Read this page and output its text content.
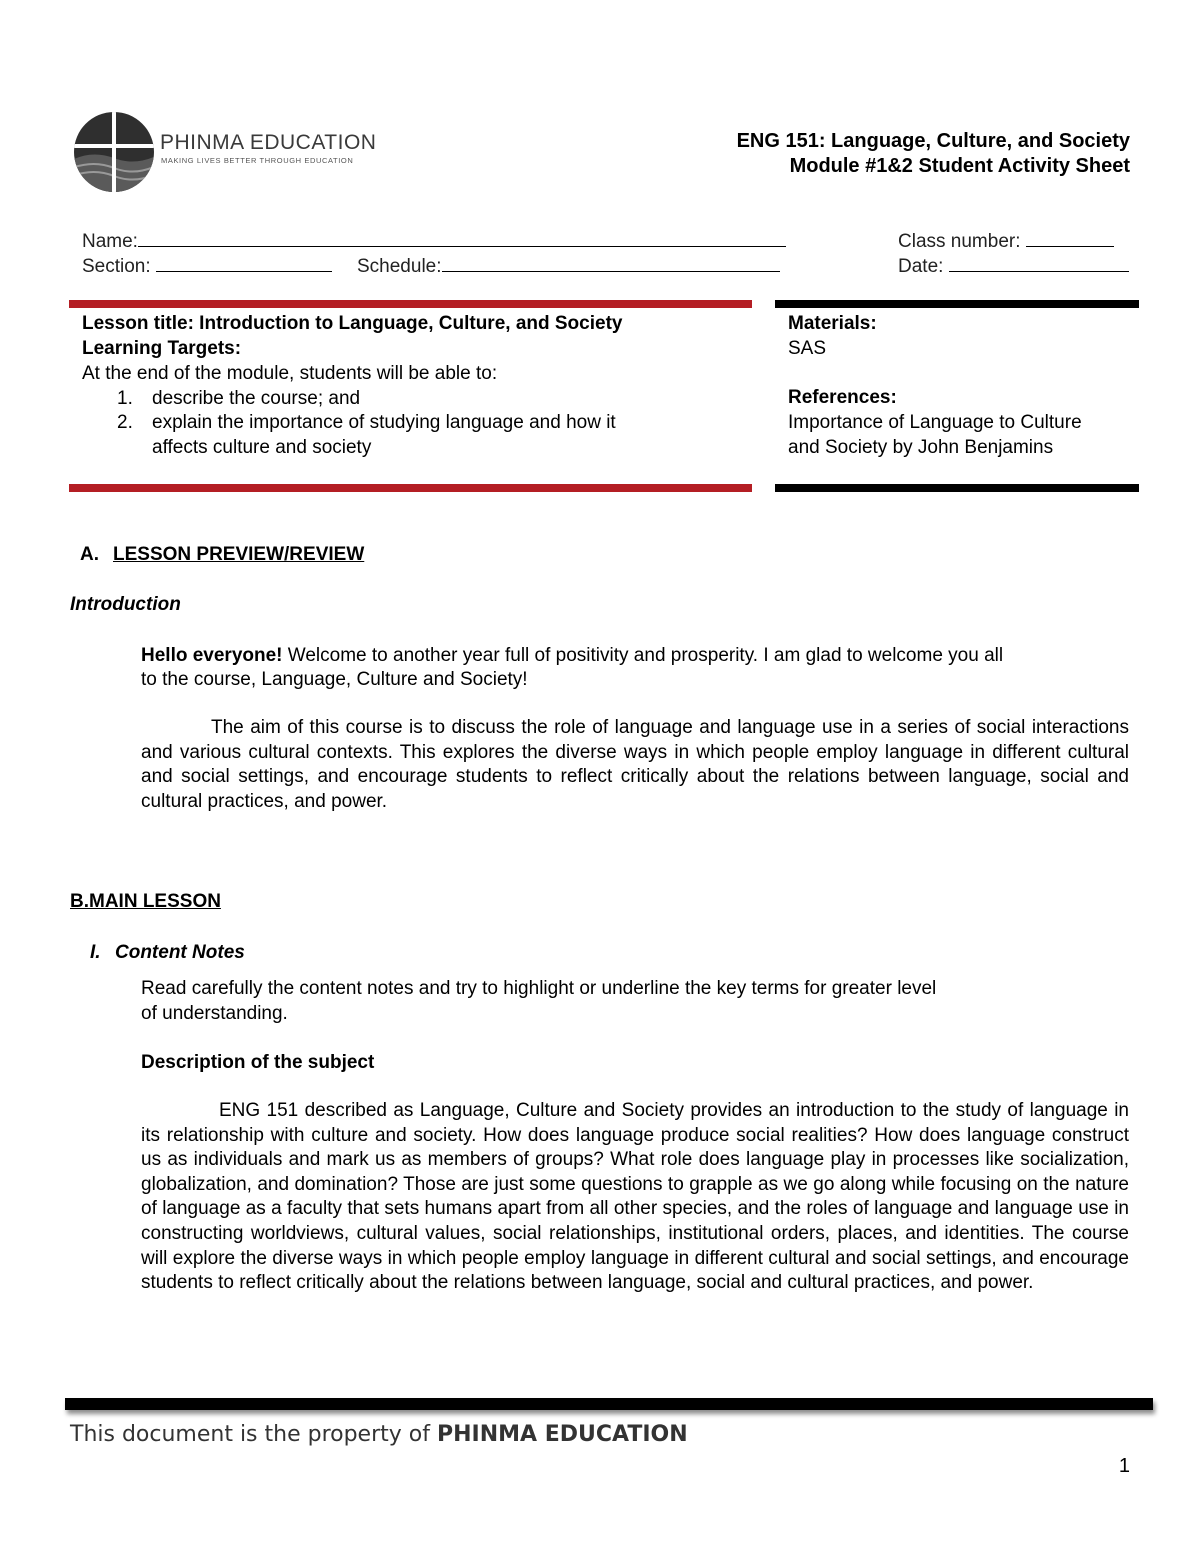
PHINMA EDUCATION
MAKING LIVES BETTER THROUGH EDUCATION
ENG 151: Language, Culture, and Society
Module #1&2 Student Activity Sheet
Name:	Class number:
Section:	Schedule:	Date:
Lesson title: Introduction to Language, Culture, and Society
Learning Targets:
At the end of the module, students will be able to:
1. describe the course; and
2. explain the importance of studying language and how it
affects culture and society
Materials:
SAS
References:
Importance of Language to Culture
and Society by John Benjamins
A. LESSON PREVIEW/REVIEW
Introduction
Hello everyone! Welcome to another year full of positivity and prosperity. I am glad to welcome you all
to the course, Language, Culture and Society!

The aim of this course is to discuss the role of language and language use in a series of social interactions and various cultural contexts. This explores the diverse ways in which people employ language in different cultural and social settings, and encourage students to reflect critically about the relations between language, social and cultural practices, and power.

B.MAIN LESSON
I. Content Notes
Read carefully the content notes and try to highlight or underline the key terms for greater level
of understanding.
Description of the subject

ENG 151 described as Language, Culture and Society provides an introduction to the study of language in its relationship with culture and society. How does language produce social realities? How does language construct us as individuals and mark us as members of groups? What role does language play in processes like socialization, globalization, and domination? Those are just some questions to grapple as we go along while focusing on the nature of language as a faculty that sets humans apart from all other species, and the roles of language and language use in constructing worldviews, cultural values, social relationships, institutional orders, places, and identities. The course will explore the diverse ways in which people employ language in different cultural and social settings, and encourage students to reflect critically about the relations between language, social and cultural practices, and power.

This document is the property of PHINMA EDUCATION
1
